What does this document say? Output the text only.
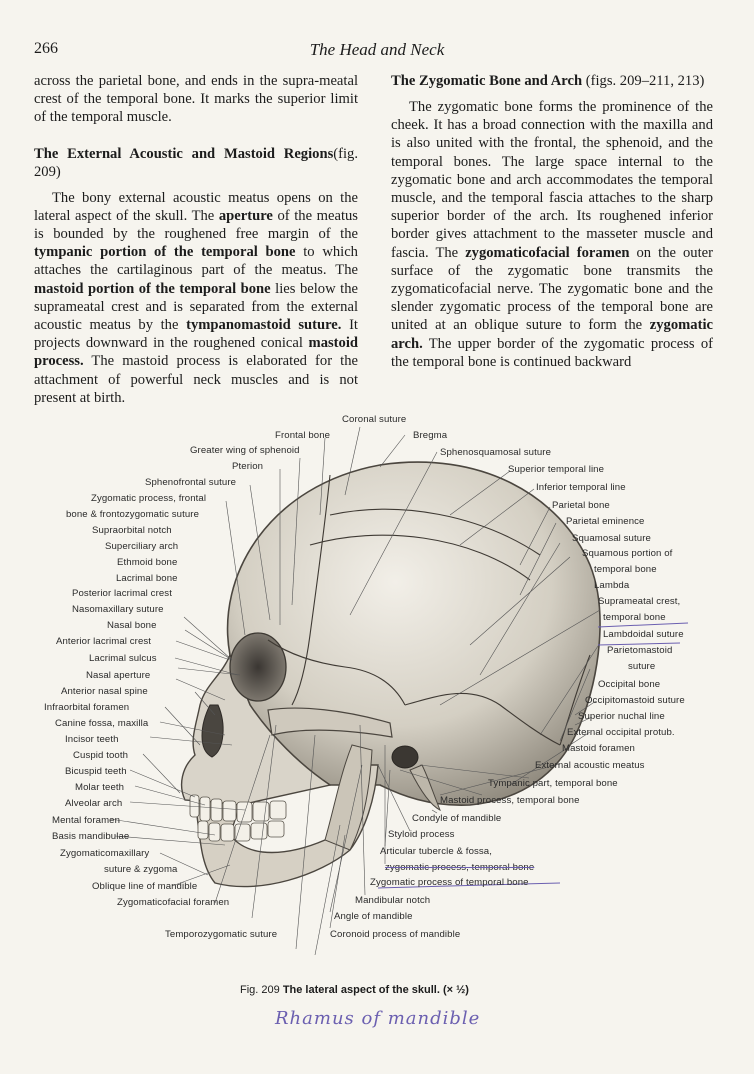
266	The Head and Neck

across the parietal bone, and ends in the supra-meatal crest of the temporal bone. It marks the superior limit of the temporal muscle.

The External Acoustic and Mastoid Regions(fig. 209)

The bony external acoustic meatus opens on the lateral aspect of the skull. The aperture of the meatus is bounded by the roughened free margin of the tympanic portion of the temporal bone to which attaches the cartilaginous part of the meatus. The mastoid portion of the temporal bone lies below the suprameatal crest and is separated from the external acoustic meatus by the tympanomastoid suture. It projects downward in the roughened conical mastoid process. The mastoid process is elaborated for the attachment of powerful neck muscles and is not present at birth.

The Zygomatic Bone and Arch (figs. 209–211, 213)

The zygomatic bone forms the prominence of the cheek. It has a broad connection with the maxilla and is also united with the frontal, the sphenoid, and the temporal bones. The large space internal to the zygomatic bone and arch accommodates the temporal muscle, and the temporal fascia attaches to the sharp superior border of the arch. Its roughened inferior border gives attachment to the masseter muscle and fascia. The zygomaticofacial foramen on the outer surface of the zygomatic bone transmits the zygomaticofacial nerve. The zygomatic bone and the slender zygomatic process of the temporal bone are united at an oblique suture to form the zygomatic arch. The upper border of the zygomatic process of the temporal bone is continued backward

Coronal suture
Frontal bone	Bregma
Greater wing of sphenoid	Sphenosquamosal suture
Pterion	Superior temporal line
Sphenofrontal suture	Inferior temporal line
Zygomatic process, frontal
Parietal bone
bone & frontozygomatic suture
Parietal eminence
Supraorbital notch
Squamosal suture
Superciliary arch
Squamous portion of
Ethmoid bone
temporal bone
Lacrimal bone
Lambda
Posterior lacrimal crest
Suprameatal crest,
Nasomaxillary suture
temporal bone
Nasal bone
Lambdoidal suture
Anterior lacrimal crest
Parietomastoid
Lacrimal sulcus
suture
Nasal aperture
Occipital bone
Anterior nasal spine
Occipitomastoid suture
Infraorbital foramen
Superior nuchal line
Canine fossa, maxilla
External occipital protub.
Incisor teeth
Mastoid foramen
Cuspid tooth
External acoustic meatus
Bicuspid teeth
Tympanic part, temporal bone
Molar teeth
Mastoid process, temporal bone
Alveolar arch
Condyle of mandible
Mental foramen
Styloid process
Basis mandibulae
Articular tubercle & fossa,
Zygomaticomaxillary
zygomatic process, temporal bone
suture & zygoma
Zygomatic process of temporal bone
Oblique line of mandible
Mandibular notch
Zygomaticofacial foramen
Angle of mandible
Temporozygomatic suture	Coronoid process of mandible
Fig. 209 The lateral aspect of the skull. (× ½)
Rhamus of mandible
